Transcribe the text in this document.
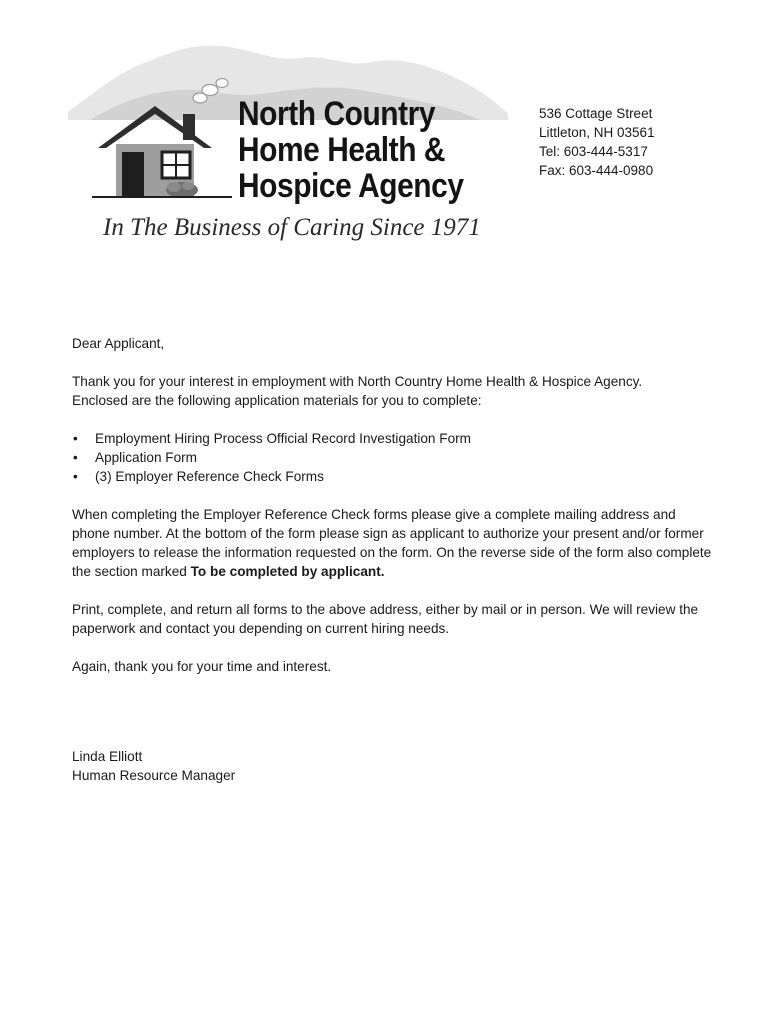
North Country
Home Health &
Hospice Agency

In The Business of Caring Since 1971

536 Cottage Street
Littleton, NH 03561
Tel: 603-444-5317
Fax: 603-444-0980

Dear Applicant,

Thank you for your interest in employment with North Country Home Health & Hospice Agency.
Enclosed are the following application materials for you to complete:

• Employment Hiring Process Official Record Investigation Form
• Application Form
• (3) Employer Reference Check Forms

When completing the Employer Reference Check forms please give a complete mailing address and phone number. At the bottom of the form please sign as applicant to authorize your present and/or former employers to release the information requested on the form. On the reverse side of the form also complete the section marked To be completed by applicant.

Print, complete, and return all forms to the above address, either by mail or in person. We will review the paperwork and contact you depending on current hiring needs.

Again, thank you for your time and interest.

Linda Elliott
Human Resource Manager
